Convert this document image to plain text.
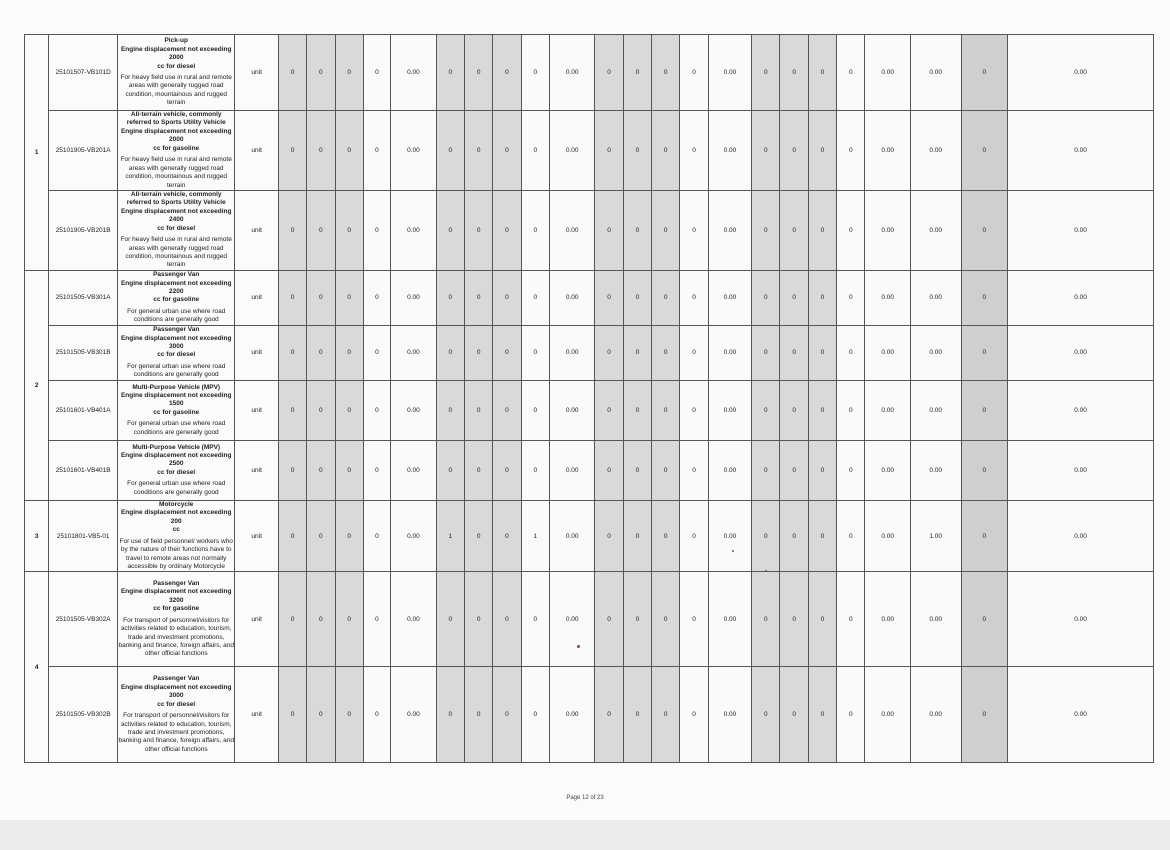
1	25101507-VB101D	Pick-up
Engine displacement not exceeding 2000
cc for diesel
For heavy field use in rural and remote areas with generally rugged road condition, mountainous and rugged terrain	unit	0	0	0	0	0.00	0	0	0	0	0.00	0	0	0	0	0.00	0	0	0	0	0.00	0.00	0	0.00
	25101905-VB201A	All-terrain vehicle, commonly referred to Sports Utility Vehicle
Engine displacement not exceeding 2000
cc for gasoline
For heavy field use in rural and remote areas with generally rugged road condition, mountainous and rugged terrain	unit	0	0	0	0	0.00	0	0	0	0	0.00	0	0	0	0	0.00	0	0	0	0	0.00	0.00	0	0.00
	25101905-VB201B	All-terrain vehicle, commonly referred to Sports Utility Vehicle
Engine displacement not exceeding 2400
cc for diesel
For heavy field use in rural and remote areas with generally rugged road condition, mountainous and rugged terrain	unit	0	0	0	0	0.00	0	0	0	0	0.00	0	0	0	0	0.00	0	0	0	0	0.00	0.00	0	0.00
2	25101505-VB301A	Passenger Van
Engine displacement not exceeding 2200
cc for gasoline
For general urban use where road conditions are generally good	unit	0	0	0	0	0.00	0	0	0	0	0.00	0	0	0	0	0.00	0	0	0	0	0.00	0.00	0	0.00
	25101505-VB301B	Passenger Van
Engine displacement not exceeding 3000
cc for diesel
For general urban use where road conditions are generally good	unit	0	0	0	0	0.00	0	0	0	0	0.00	0	0	0	0	0.00	0	0	0	0	0.00	0.00	0	0.00
	25101601-VB401A	Multi-Purpose Vehicle (MPV)
Engine displacement not exceeding 1500
cc for gasoline
For general urban use where road conditions are generally good	unit	0	0	0	0	0.00	0	0	0	0	0.00	0	0	0	0	0.00	0	0	0	0	0.00	0.00	0	0.00
	25101601-VB401B	Multi-Purpose Vehicle (MPV)
Engine displacement not exceeding 2500
cc for diesel
For general urban use where road conditions are generally good	unit	0	0	0	0	0.00	0	0	0	0	0.00	0	0	0	0	0.00	0	0	0	0	0.00	0.00	0	0.00
3	25101801-VB5-01	Motorcycle
Engine displacement not exceeding 200
cc
For use of field personnel/ workers who by the nature of their functions have to travel to remote areas not normally accessible by ordinary Motorcycle	unit	0	0	0	0	0.00	1	0	0	1	0.00	0	0	0	0	0.00	0	0	0	0	0.00	1.00	0	0.00
4	25101505-VB302A	Passenger Van
Engine displacement not exceeding 3200
cc for gasoline
For transport of personnel/visitors for activities related to education, tourism, trade and investment promotions, banking and finance, foreign affairs, and other official functions	unit	0	0	0	0	0.00	0	0	0	0	0.00	0	0	0	0	0.00	0	0	0	0	0.00	0.00	0	0.00
	25101505-VB302B	Passenger Van
Engine displacement not exceeding 3000
cc for diesel
For transport of personnel/visitors for activities related to education, tourism, trade and investment promotions, banking and finance, foreign affairs, and other official functions	unit	0	0	0	0	0.00	0	0	0	0	0.00	0	0	0	0	0.00	0	0	0	0	0.00	0.00	0	0.00
Page 12 of 23
